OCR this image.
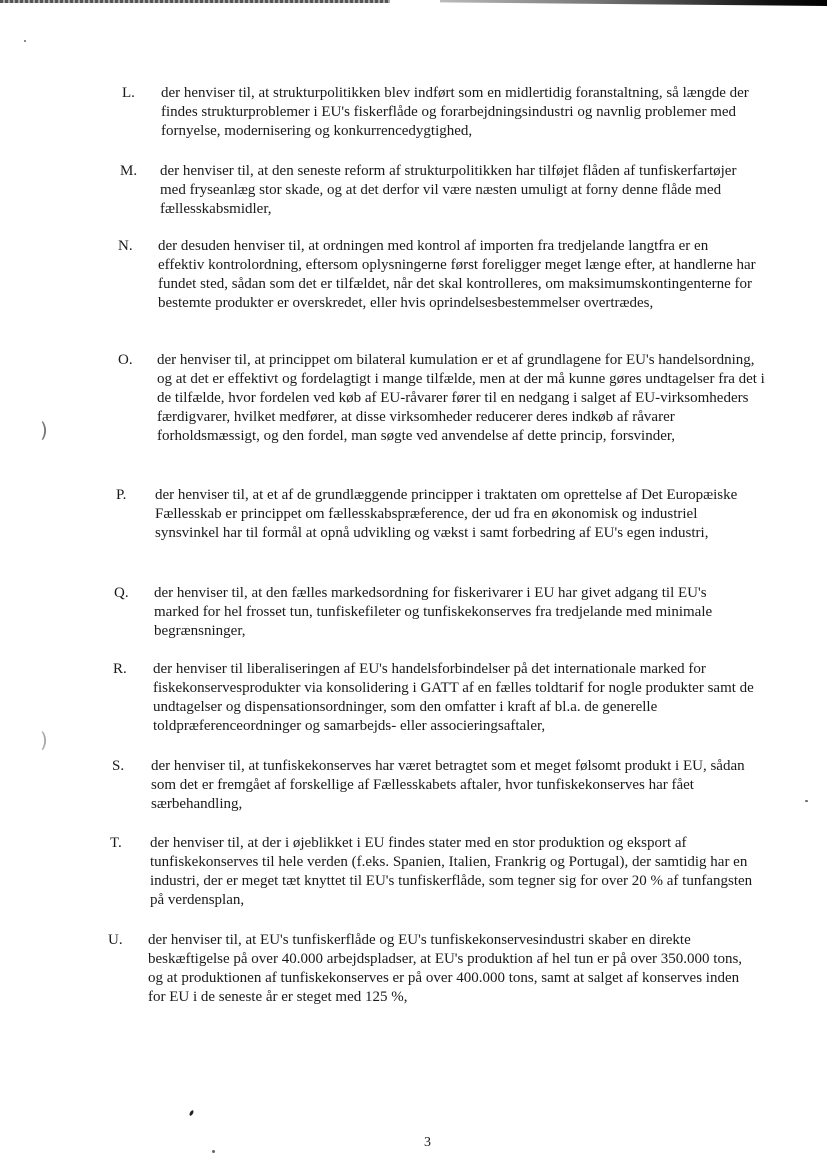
)
)
L. der henviser til, at strukturpolitikken blev indført som en midlertidig foranstaltning, så længde der findes strukturproblemer i EU's fiskerflåde og forarbejdningsindustri og navnlig problemer med fornyelse, modernisering og konkurrencedygtighed,
M. der henviser til, at den seneste reform af strukturpolitikken har tilføjet flåden af tunfiskerfartøjer med fryseanlæg stor skade, og at det derfor vil være næsten umuligt at forny denne flåde med fællesskabsmidler,
N. der desuden henviser til, at ordningen med kontrol af importen fra tredjelande langtfra er en effektiv kontrolordning, eftersom oplysningerne først foreligger meget længe efter, at handlerne har fundet sted, sådan som det er tilfældet, når det skal kontrolleres, om maksimumskontingenterne for bestemte produkter er overskredet, eller hvis oprindelsesbestemmelser overtrædes,
O. der henviser til, at princippet om bilateral kumulation er et af grundlagene for EU's handelsordning, og at det er effektivt og fordelagtigt i mange tilfælde, men at der må kunne gøres undtagelser fra det i de tilfælde, hvor fordelen ved køb af EU-råvarer fører til en nedgang i salget af EU-virksomheders færdigvarer, hvilket medfører, at disse virksomheder reducerer deres indkøb af råvarer forholdsmæssigt, og den fordel, man søgte ved anvendelse af dette princip, forsvinder,
P. der henviser til, at et af de grundlæggende principper i traktaten om oprettelse af Det Europæiske Fællesskab er princippet om fællesskabspræference, der ud fra en økonomisk og industriel synsvinkel har til formål at opnå udvikling og vækst i samt forbedring af EU's egen industri,
Q. der henviser til, at den fælles markedsordning for fiskerivarer i EU har givet adgang til EU's marked for hel frosset tun, tunfiskefileter og tunfiskekonserves fra tredjelande med minimale begrænsninger,
R. der henviser til liberaliseringen af EU's handelsforbindelser på det internationale marked for fiskekonservesprodukter via konsolidering i GATT af en fælles toldtarif for nogle produkter samt de undtagelser og dispensationsordninger, som den omfatter i kraft af bl.a. de generelle toldpræferenceordninger og samarbejds- eller associeringsaftaler,
S. der henviser til, at tunfiskekonserves har været betragtet som et meget følsomt produkt i EU, sådan som det er fremgået af forskellige af Fællesskabets aftaler, hvor tunfiskekonserves har fået særbehandling,
T. der henviser til, at der i øjeblikket i EU findes stater med en stor produktion og eksport af tunfiskekonserves til hele verden (f.eks. Spanien, Italien, Frankrig og Portugal), der samtidig har en industri, der er meget tæt knyttet til EU's tunfiskerflåde, som tegner sig for over 20 % af tunfangsten på verdensplan,
U. der henviser til, at EU's tunfiskerflåde og EU's tunfiskekonservesindustri skaber en direkte beskæftigelse på over 40.000 arbejdspladser, at EU's produktion af hel tun er på over 350.000 tons, og at produktionen af tunfiskekonserves er på over 400.000 tons, samt at salget af konserves inden for EU i de seneste år er steget med 125 %,
3
